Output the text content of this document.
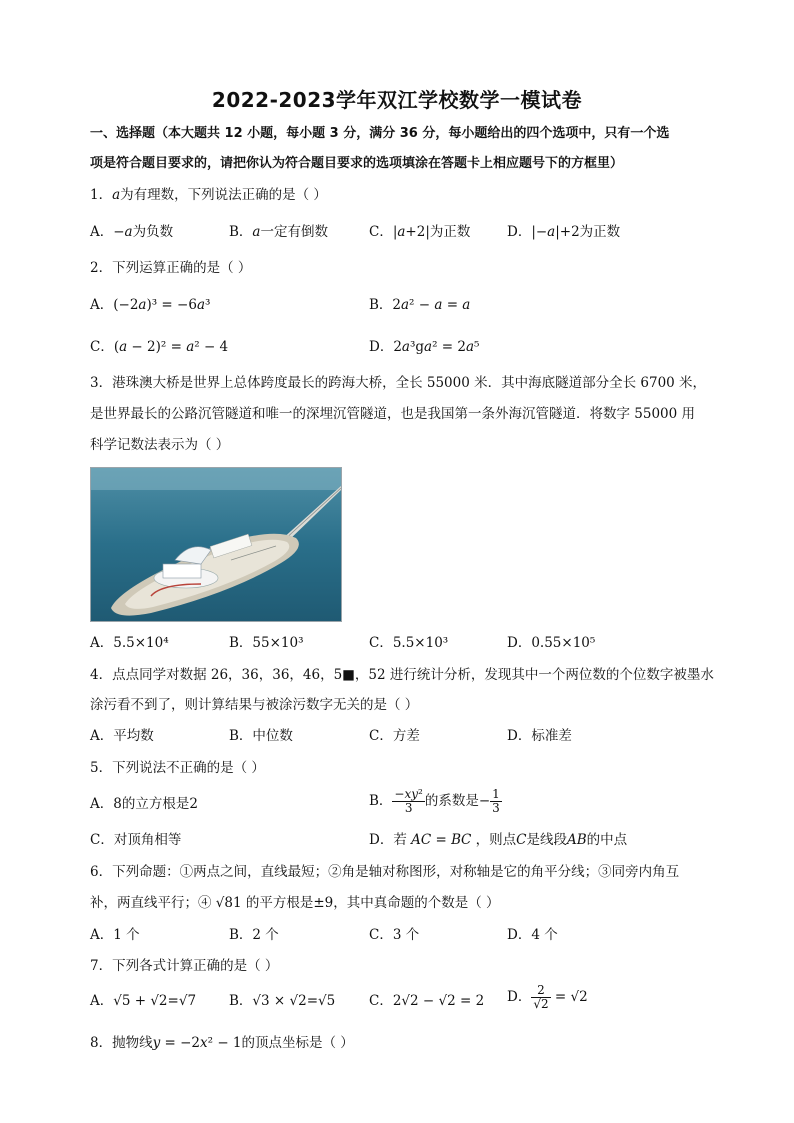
2022-2023学年双江学校数学一模试卷
一、选择题（本大题共 12 小题，每小题 3 分，满分 36 分，每小题给出的四个选项中，只有一个选
项是符合题目要求的，请把你认为符合题目要求的选项填涂在答题卡上相应题号下的方框里）
1．𝑎为有理数，下列说法正确的是（ ）
A．−𝑎为负数	B．𝑎一定有倒数	C．|𝑎+2|为正数	D．|−𝑎|+2为正数
2．下列运算正确的是（ ）
A．(−2𝑎)³ = −6𝑎³	B．2𝑎² − 𝑎 = 𝑎
C．(𝑎 − 2)² = 𝑎² − 4	D．2𝑎³g𝑎² = 2𝑎⁵
3．港珠澳大桥是世界上总体跨度最长的跨海大桥，全长 55000 米．其中海底隧道部分全长 6700 米，
是世界最长的公路沉管隧道和唯一的深埋沉管隧道，也是我国第一条外海沉管隧道．将数字 55000 用
科学记数法表示为（ ）
A．5.5×10⁴	B．55×10³	C．5.5×10³	D．0.55×10⁵
4．点点同学对数据 26，36，36，46，5■，52 进行统计分析，发现其中一个两位数的个位数字被墨水
涂污看不到了，则计算结果与被涂污数字无关的是（ ）
A．平均数	B．中位数	C．方差	D．标准差
5．下列说法不正确的是（ ）
A．8的立方根是2	B． $\frac{\text{−𝑥𝑦²}}{3}$ 的系数是− $\frac{1}{3}$
C．对顶角相等	D．若 𝐴𝐶 = 𝐵𝐶 ，则点𝐶是线段𝐴𝐵的中点
6．下列命题：①两点之间，直线最短；②角是轴对称图形，对称轴是它的角平分线；③同旁内角互
补，两直线平行；④ √81 的平方根是±9，其中真命题的个数是（ ）
A．1 个	B．2 个	C．3 个	D．4 个
7．下列各式计算正确的是（ ）
A．√5 + √2=√7 B．√3 × √2=√5	C．2√2 − √2 = 2 D． $\frac{2}{√2} = √2$
8．抛物线𝑦 = −2𝑥² − 1的顶点坐标是（ ）
